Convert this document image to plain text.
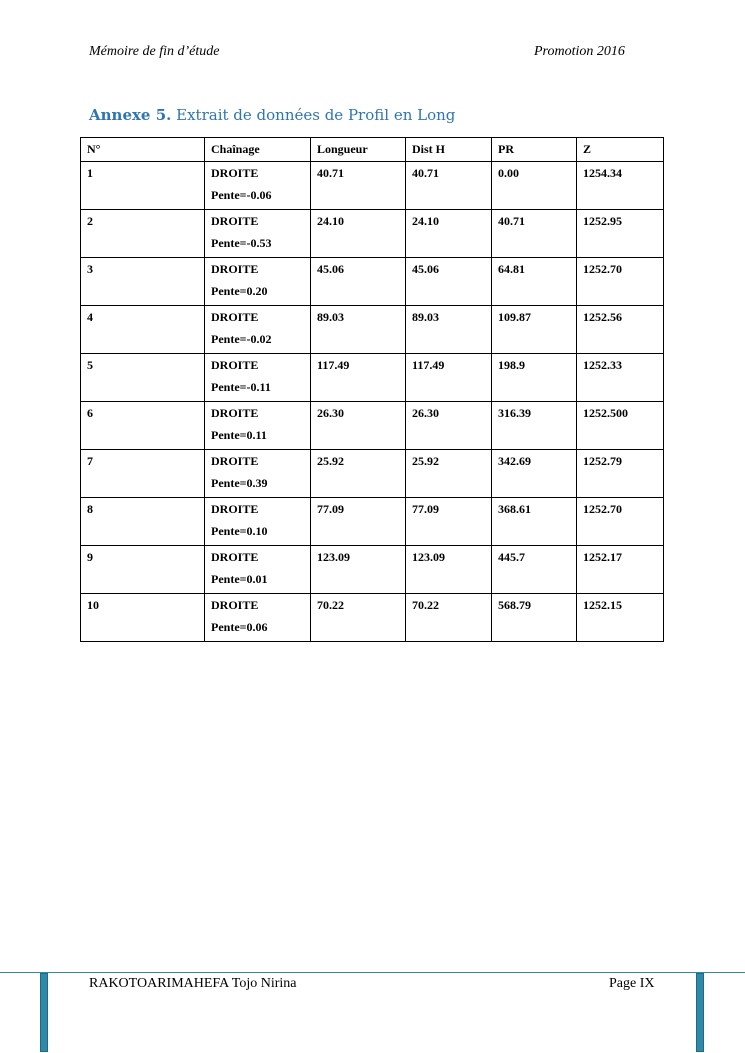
Mémoire de fin d’étude	Promotion 2016
Annexe 5. Extrait de données de Profil en Long
N°	Chaînage	Longueur	Dist H	PR	Z

1	DROITE
Pente=-0.06	40.71	40.71	0.00	1254.34

2	DROITE
Pente=-0.53	24.10	24.10	40.71	1252.95

3	DROITE
Pente=0.20	45.06	45.06	64.81	1252.70

4	DROITE
Pente=-0.02	89.03	89.03	109.87	1252.56

5	DROITE
Pente=-0.11	117.49	117.49	198.9	1252.33

6	DROITE
Pente=0.11	26.30	26.30	316.39	1252.500

7	DROITE
Pente=0.39	25.92	25.92	342.69	1252.79

8	DROITE
Pente=0.10	77.09	77.09	368.61	1252.70

9	DROITE
Pente=0.01	123.09	123.09	445.7	1252.17

10	DROITE
Pente=0.06	70.22	70.22	568.79	1252.15
RAKOTOARIMAHEFA Tojo Nirina	Page IX
